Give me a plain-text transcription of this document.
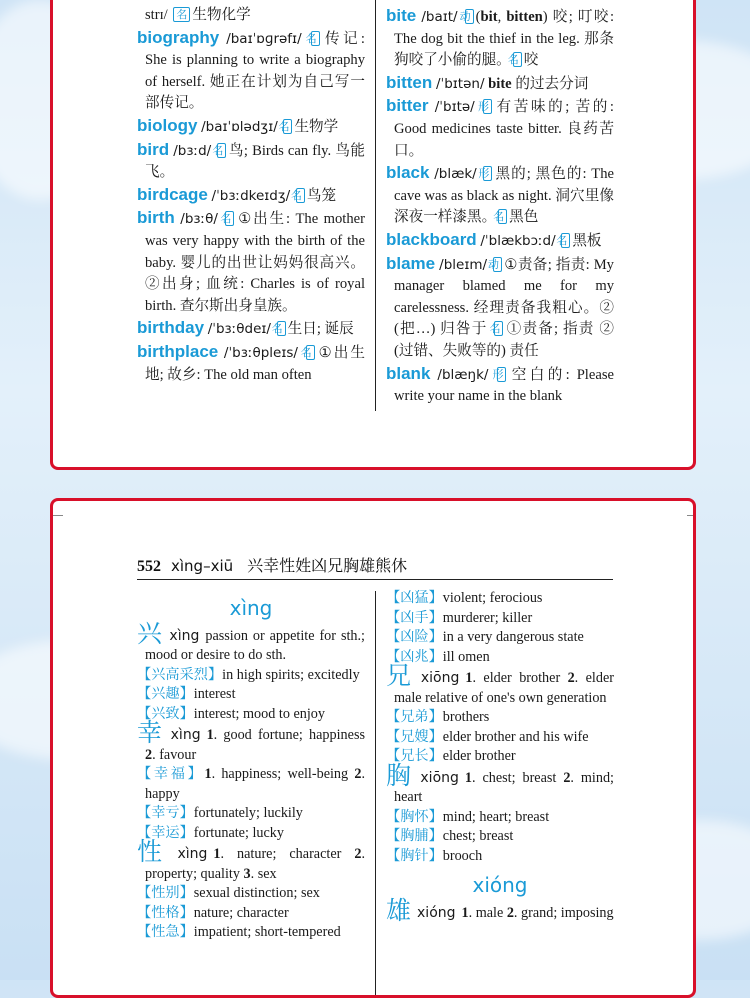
strɪ/ 名 生物化学
biography /baɪˈɒɡrəfɪ/ 名 传记: She is planning to write a biography of herself. 她正在计划为自己写一部传记。
biology /baɪˈɒlədʒɪ/ 名 生物学
bird /bɜːd/ 名 鸟; Birds can fly. 鸟能飞。
birdcage /ˈbɜːdkeɪdʒ/ 名 鸟笼
birth /bɜːθ/ 名 ①出生: The mother was very happy with the birth of the baby. 婴儿的出世让妈妈很高兴。②出身; 血统: Charles is of royal birth. 查尔斯出身皇族。
birthday /ˈbɜːθdeɪ/ 名 生日; 诞辰
birthplace /ˈbɜːθpleɪs/ 名 ①出生地; 故乡: The old man often
bite /baɪt/ 动 (bit, bitten) 咬; 叮咬: The dog bit the thief in the leg. 那条狗咬了小偷的腿。名 咬
bitten /ˈbɪtən/ bite 的过去分词
bitter /ˈbɪtə/ 形 有苦味的; 苦的: Good medicines taste bitter. 良药苦口。
black /blæk/ 形 黑的; 黑色的: The cave was as black as night. 洞穴里像深夜一样漆黑。名 黑色
blackboard /ˈblækbɔːd/ 名 黑板
blame /bleɪm/ 动 ①责备; 指责: My manager blamed me for my carelessness. 经理责备我粗心。② (把…) 归咎于 名 ①责备; 指责 ② (过错、失败等的) 责任
blank /blæŋk/ 形 空白的: Please write your name in the blank
552 xìng–xiū 兴幸性姓凶兄胸雄熊休
xìng
兴xìng passion or appetite for sth.; mood or desire to do sth.
【兴高采烈】in high spirits; excitedly
【兴趣】interest
【兴致】interest; mood to enjoy
幸xìng 1. good fortune; happiness 2. favour
【幸福】1. happiness; well-being 2. happy
【幸亏】fortunately; luckily
【幸运】fortunate; lucky
性xìng 1. nature; character 2. property; quality 3. sex
【性别】sexual distinction; sex
【性格】nature; character
【性急】impatient; short-tempered
【凶猛】violent; ferocious
【凶手】murderer; killer
【凶险】in a very dangerous state
【凶兆】ill omen
兄xiōng 1. elder brother 2. elder male relative of one's own generation
【兄弟】brothers
【兄嫂】elder brother and his wife
【兄长】elder brother
胸xiōng 1. chest; breast 2. mind; heart
【胸怀】mind; heart; breast
【胸脯】chest; breast
【胸针】brooch
xióng
雄xióng 1. male 2. grand; imposing
